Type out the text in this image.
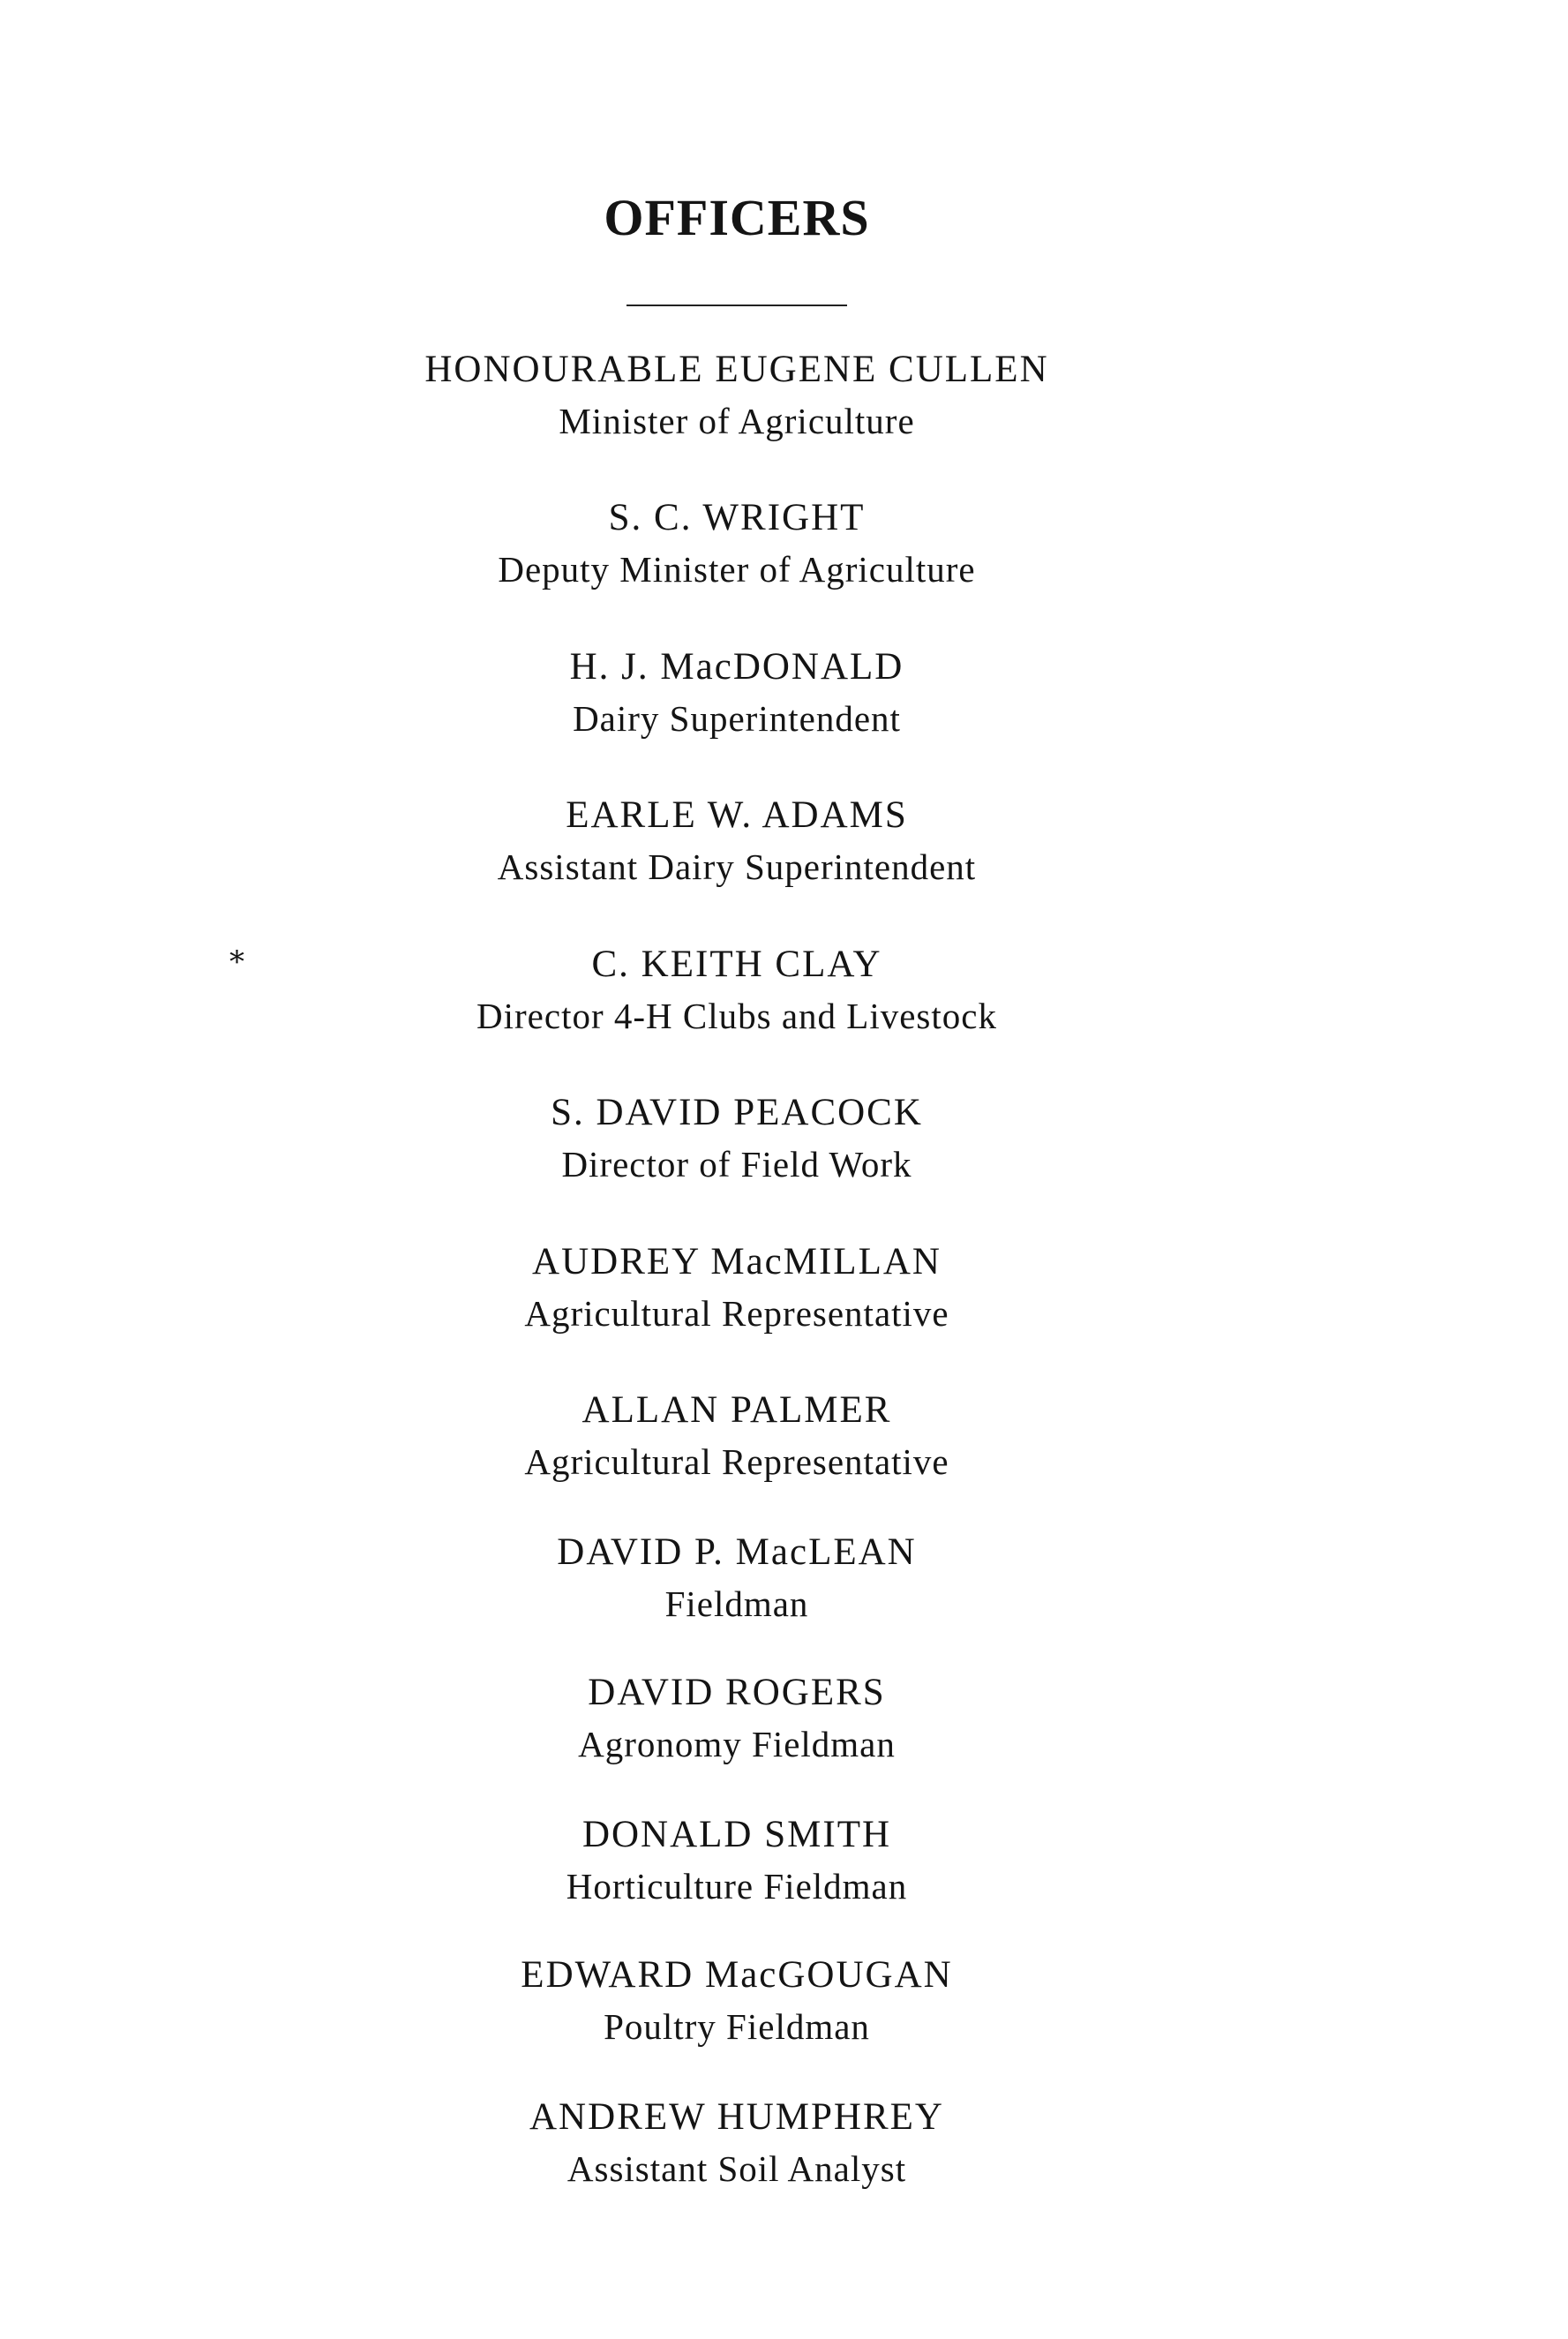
OFFICERS
*
HONOURABLE EUGENE CULLEN
Minister of Agriculture
S. C. WRIGHT
Deputy Minister of Agriculture
H. J. MacDONALD
Dairy Superintendent
EARLE W. ADAMS
Assistant Dairy Superintendent
C. KEITH CLAY
Director 4-H Clubs and Livestock
S. DAVID PEACOCK
Director of Field Work
AUDREY MacMILLAN
Agricultural Representative
ALLAN PALMER
Agricultural Representative
DAVID P. MacLEAN
Fieldman
DAVID ROGERS
Agronomy Fieldman
DONALD SMITH
Horticulture Fieldman
EDWARD MacGOUGAN
Poultry Fieldman
ANDREW HUMPHREY
Assistant Soil Analyst
